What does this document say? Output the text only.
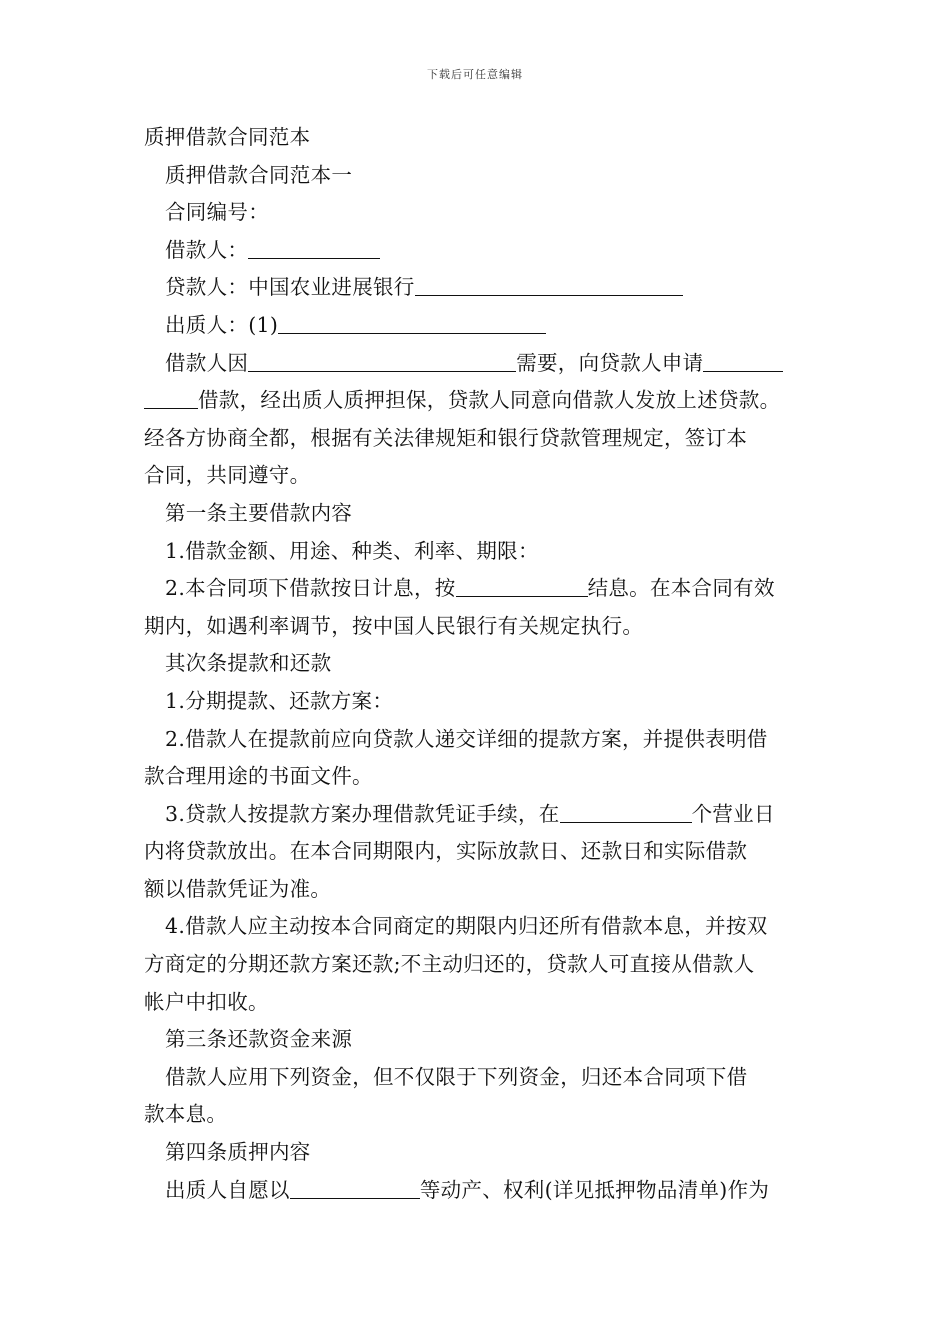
下载后可任意编辑
质押借款合同范本
质押借款合同范本一
合同编号：
借款人：
贷款人：中国农业进展银行
出质人：(1)
借款人因	需要，向贷款人申请
借款，经出质人质押担保，贷款人同意向借款人发放上述贷款。
经各方协商全都，根据有关法律规矩和银行贷款管理规定，签订本
合同，共同遵守。
第一条主要借款内容
1.借款金额、用途、种类、利率、期限：
2.本合同项下借款按日计息，按	结息。在本合同有效
期内，如遇利率调节，按中国人民银行有关规定执行。
其次条提款和还款
1.分期提款、还款方案：
2.借款人在提款前应向贷款人递交详细的提款方案，并提供表明借
款合理用途的书面文件。
3.贷款人按提款方案办理借款凭证手续，在	个营业日
内将贷款放出。在本合同期限内，实际放款日、还款日和实际借款
额以借款凭证为准。
4.借款人应主动按本合同商定的期限内归还所有借款本息，并按双
方商定的分期还款方案还款;不主动归还的，贷款人可直接从借款人
帐户中扣收。
第三条还款资金来源
借款人应用下列资金，但不仅限于下列资金，归还本合同项下借
款本息。
第四条质押内容
出质人自愿以	等动产、权利(详见抵押物品清单)作为
